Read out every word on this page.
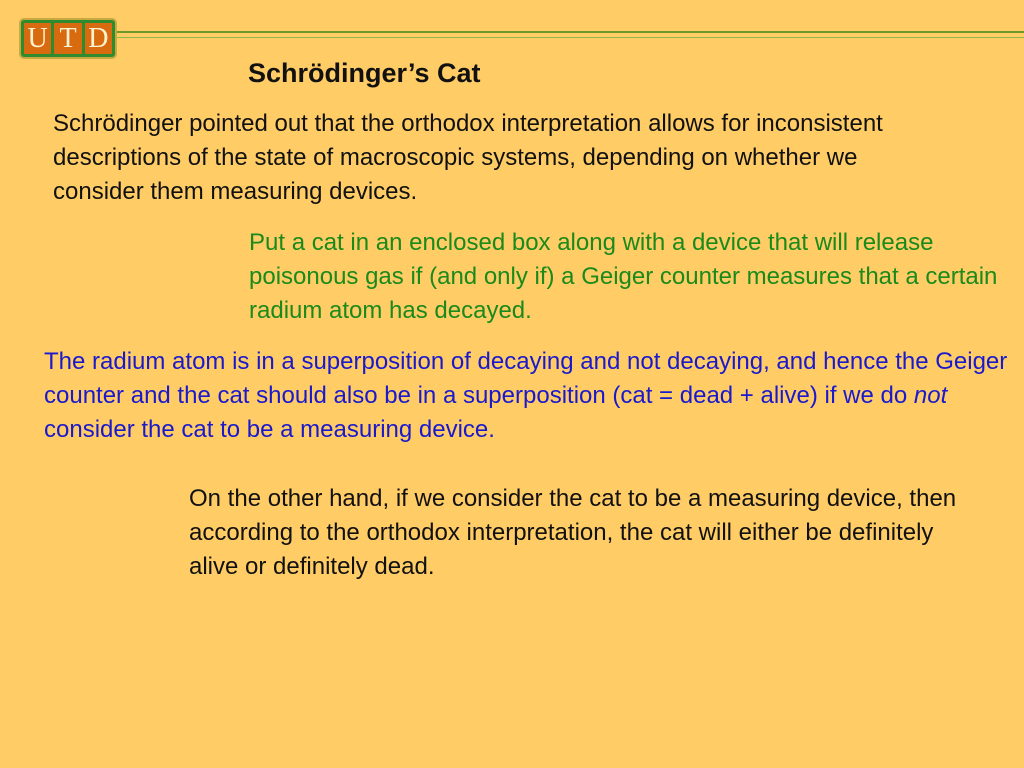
U T D
Schrödinger’s Cat

Schrödinger pointed out that the orthodox interpretation allows for inconsistent descriptions of the state of macroscopic systems, depending on whether we consider them measuring devices.

Put a cat in an enclosed box along with a device that will release poisonous gas if (and only if) a Geiger counter measures that a certain radium atom has decayed.

The radium atom is in a superposition of decaying and not decaying, and hence the Geiger counter and the cat should also be in a superposition (cat = dead + alive) if we do not consider the cat to be a measuring device.

On the other hand, if we consider the cat to be a measuring device, then according to the orthodox interpretation, the cat will either be definitely alive or definitely dead.
